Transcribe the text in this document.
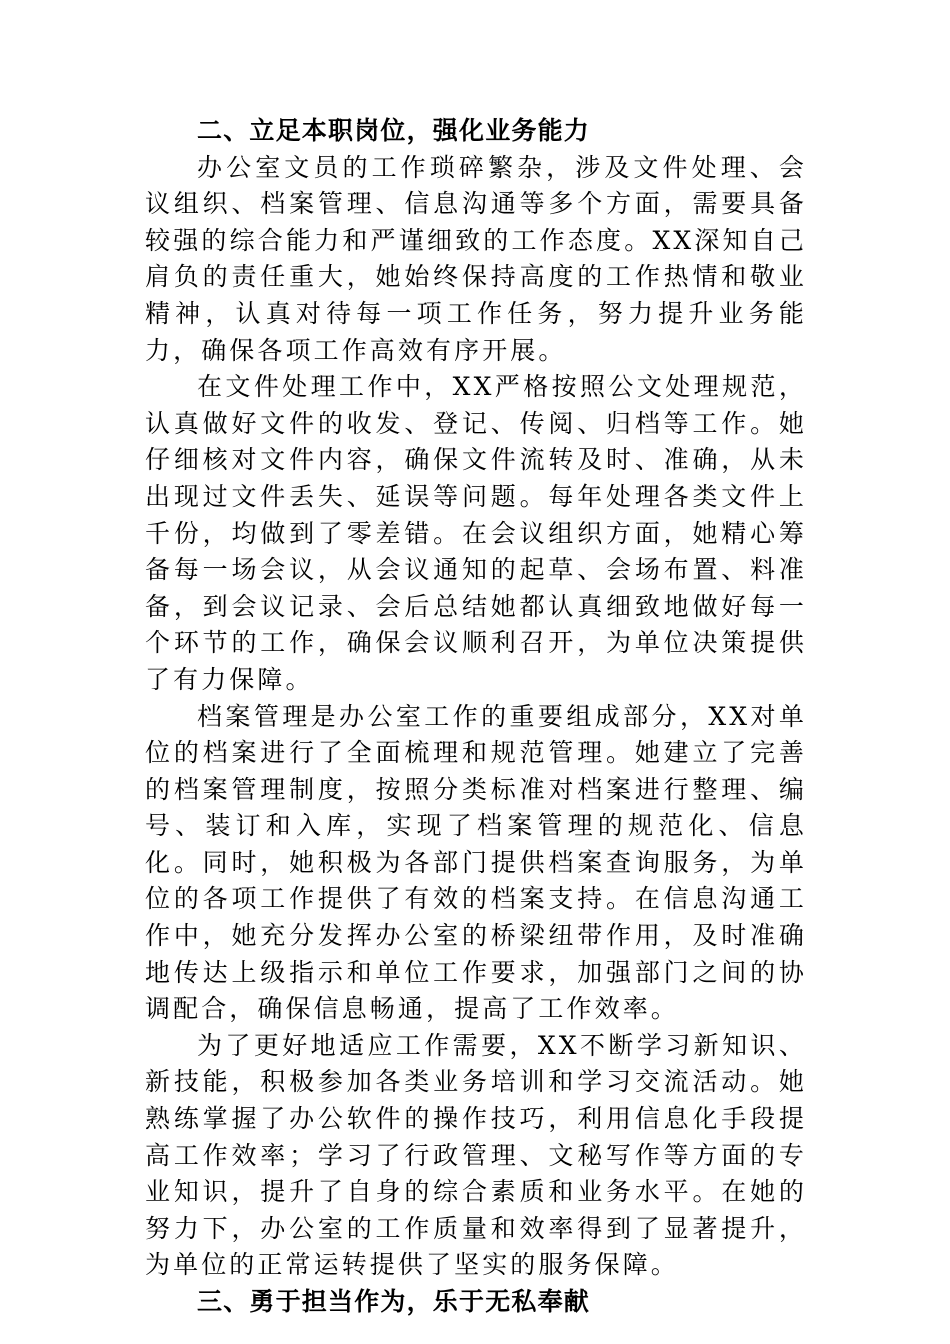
二、立足本职岗位，强化业务能力

办公室文员的工作琐碎繁杂，涉及文件处理、会议组织、档案管理、信息沟通等多个方面，需要具备较强的综合能力和严谨细致的工作态度。XX深知自己肩负的责任重大，她始终保持高度的工作热情和敬业精神，认真对待每一项工作任务，努力提升业务能力，确保各项工作高效有序开展。

在文件处理工作中，XX严格按照公文处理规范，认真做好文件的收发、登记、传阅、归档等工作。她仔细核对文件内容，确保文件流转及时、准确，从未出现过文件丢失、延误等问题。每年处理各类文件上千份，均做到了零差错。在会议组织方面，她精心筹备每一场会议，从会议通知的起草、会场布置、料准备，到会议记录、会后总结她都认真细致地做好每一个环节的工作，确保会议顺利召开，为单位决策提供了有力保障。

档案管理是办公室工作的重要组成部分，XX对单位的档案进行了全面梳理和规范管理。她建立了完善的档案管理制度，按照分类标准对档案进行整理、编号、装订和入库，实现了档案管理的规范化、信息化。同时，她积极为各部门提供档案查询服务，为单位的各项工作提供了有效的档案支持。在信息沟通工作中，她充分发挥办公室的桥梁纽带作用，及时准确地传达上级指示和单位工作要求，加强部门之间的协调配合，确保信息畅通，提高了工作效率。

为了更好地适应工作需要，XX不断学习新知识、新技能，积极参加各类业务培训和学习交流活动。她熟练掌握了办公软件的操作技巧，利用信息化手段提高工作效率；学习了行政管理、文秘写作等方面的专业知识，提升了自身的综合素质和业务水平。在她的努力下，办公室的工作质量和效率得到了显著提升，为单位的正常运转提供了坚实的服务保障。

三、勇于担当作为，乐于无私奉献
